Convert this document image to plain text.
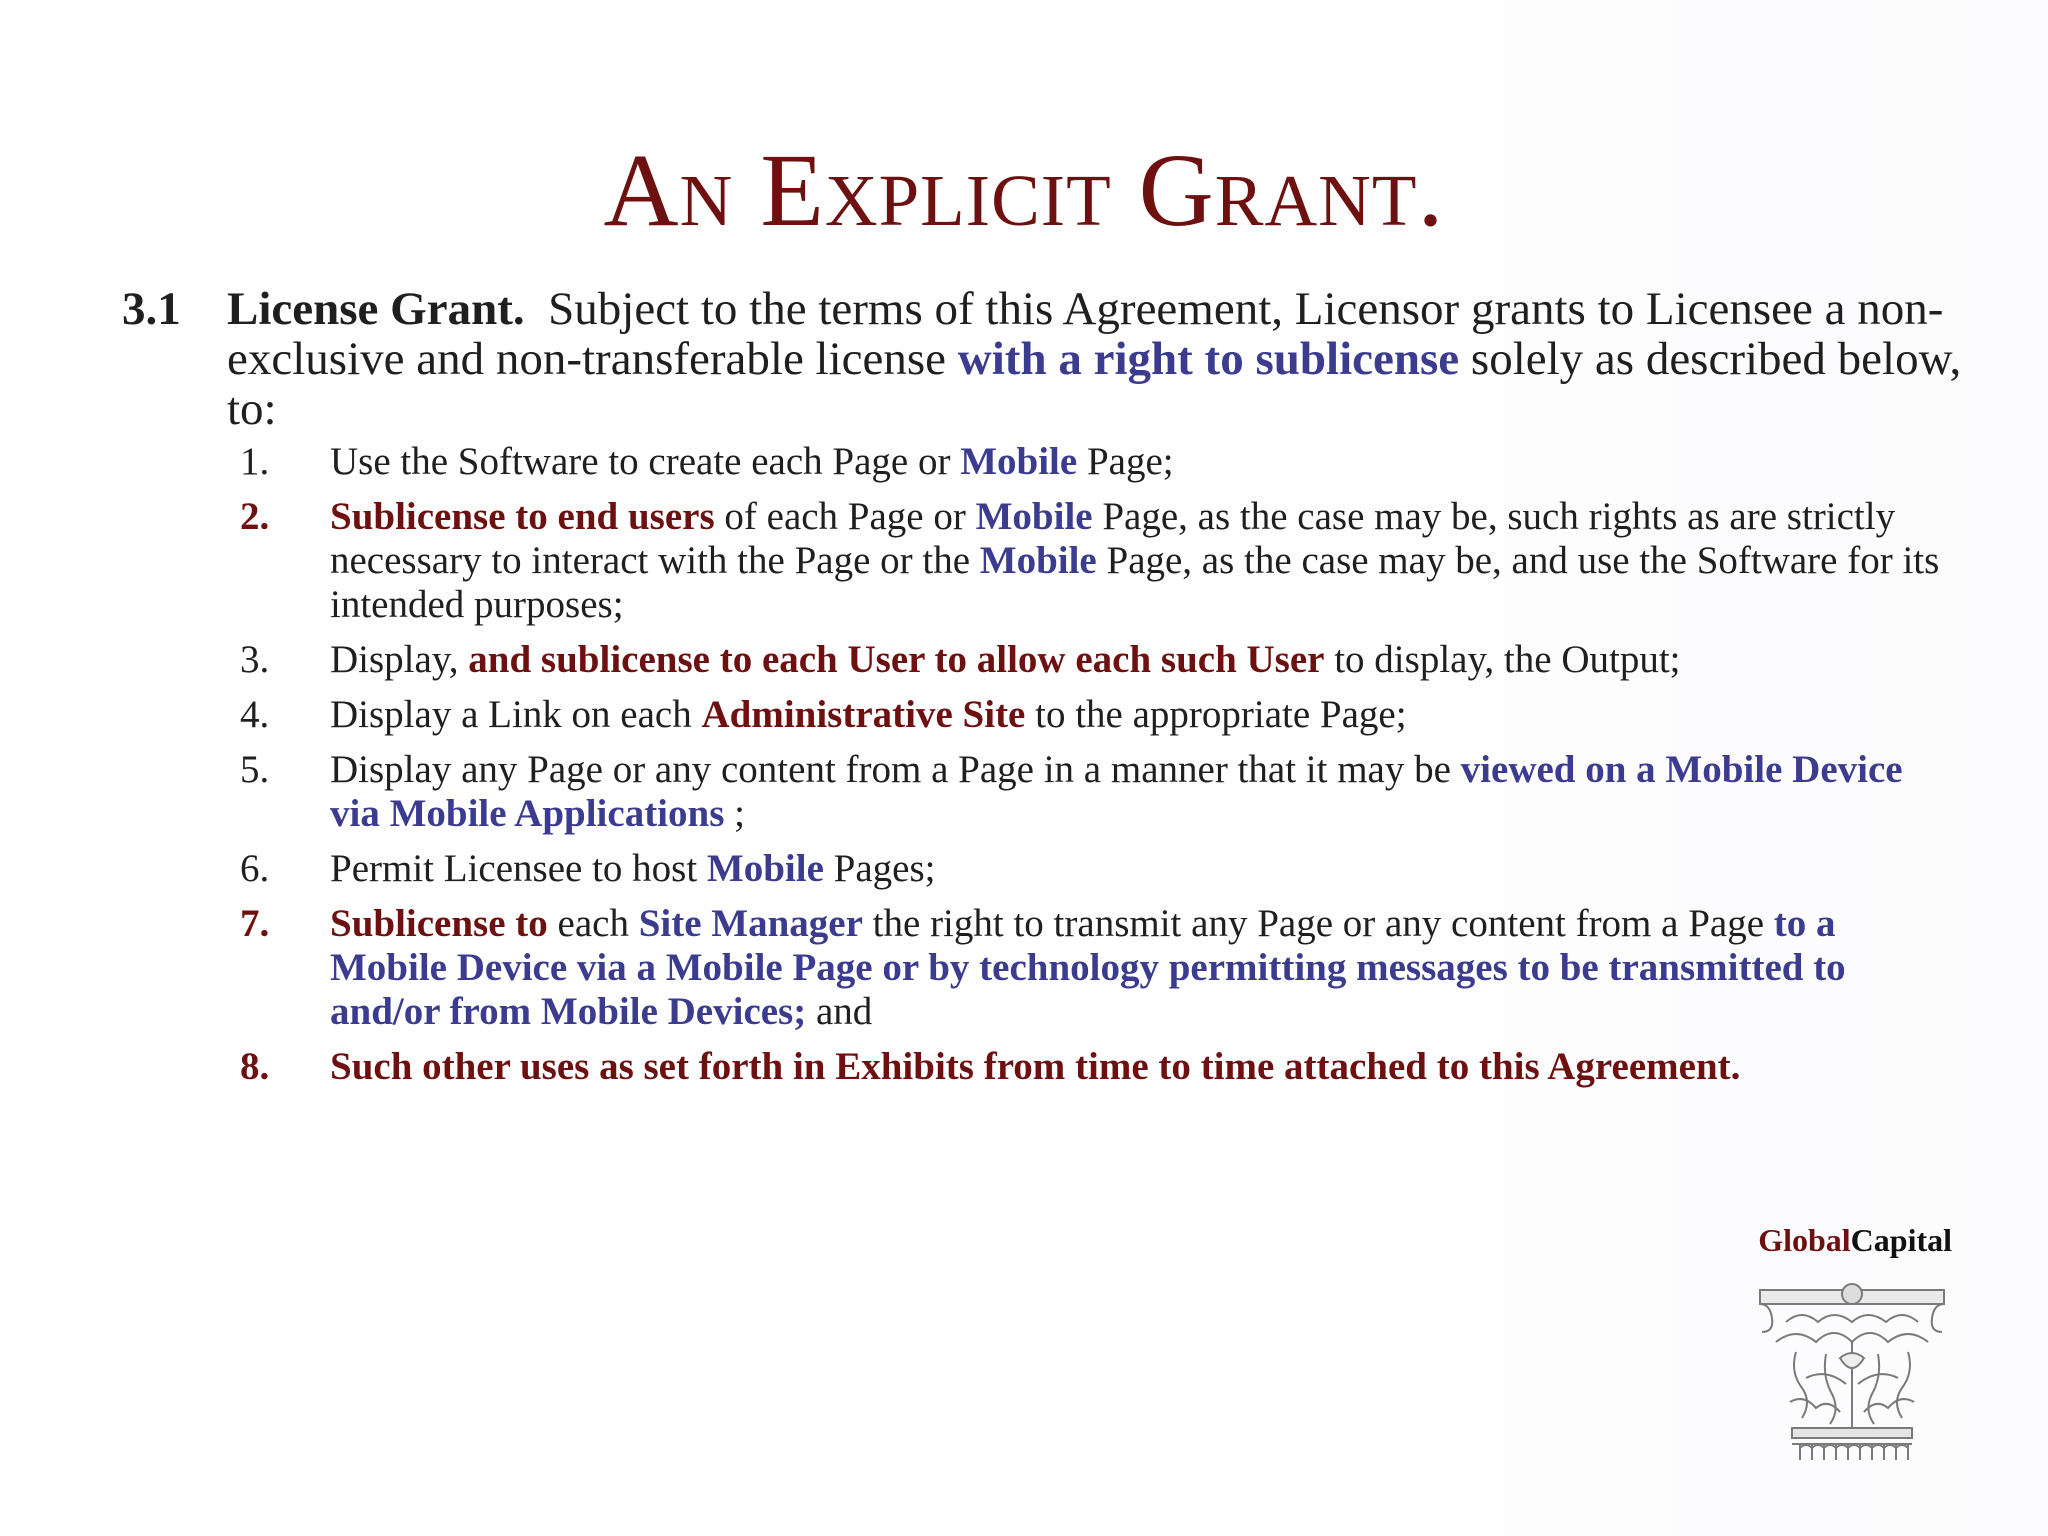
An Explicit Grant.
3.1 License Grant. Subject to the terms of this Agreement, Licensor grants to Licensee a non-exclusive and non-transferable license with a right to sublicense solely as described below, to:
1.	Use the Software to create each Page or Mobile Page;
2.	Sublicense to end users of each Page or Mobile Page, as the case may be, such rights as are strictly necessary to interact with the Page or the Mobile Page, as the case may be, and use the Software for its intended purposes;
3.	Display, and sublicense to each User to allow each such User to display, the Output;
4.	Display a Link on each Administrative Site to the appropriate Page;
5.	Display any Page or any content from a Page in a manner that it may be viewed on a Mobile Device via Mobile Applications ;
6.	Permit Licensee to host Mobile Pages;
7.	Sublicense to each Site Manager the right to transmit any Page or any content from a Page to a Mobile Device via a Mobile Page or by technology permitting messages to be transmitted to and/or from Mobile Devices; and
8.	Such other uses as set forth in Exhibits from time to time attached to this Agreement.
GlobalCapital
